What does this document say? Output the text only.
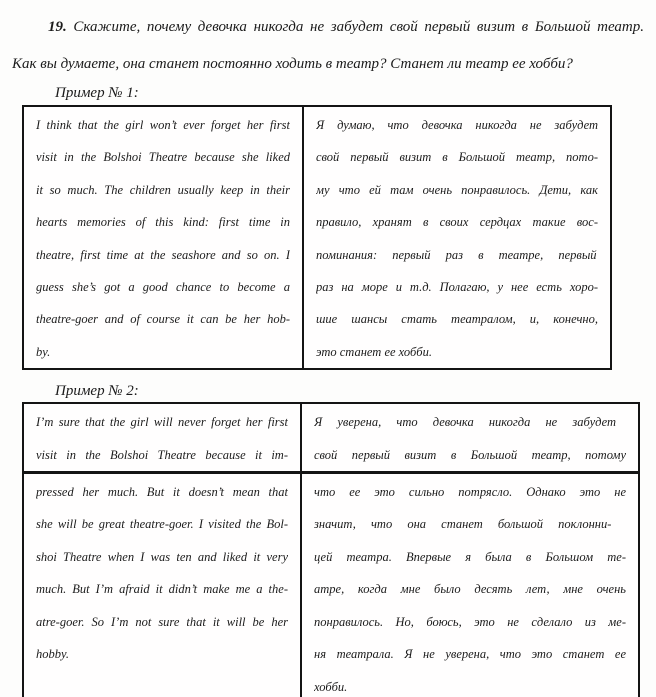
19. Скажите, почему девочка никогда не забудет свой первый визит в Большой театр.
Как вы думаете, она станет постоянно ходить в театр? Станет ли театр ее хобби?
Пример № 1:
I think that the girl won’t ever forget her first
visit in the Bolshoi Theatre because she liked
it so much. The children usually keep in their
hearts memories of this kind: first time in
theatre, first time at the seashore and so on. I
guess she’s got a good chance to become a
theatre-goer and of course it can be her hob-
by.
Я думаю, что девочка никогда не забудет
свой первый визит в Большой театр, пото-
му что ей там очень понравилось. Дети, как
правило, хранят в своих сердцах такие вос-
поминания: первый раз в театре, первый
раз на море и т.д. Полагаю, у нее есть хоро-
шие шансы стать театралом, и, конечно,
это станет ее хобби.
Пример № 2:
I’m sure that the girl will never forget her first
visit in the Bolshoi Theatre because it im-
Я уверена, что девочка никогда не забудет
свой первый визит в Большой театр, потому
pressed her much. But it doesn’t mean that
she will be great theatre-goer. I visited the Bol-
shoi Theatre when I was ten and liked it very
much. But I’m afraid it didn’t make me a the-
atre-goer. So I’m not sure that it will be her
hobby.
что ее это сильно потрясло. Однако это не
значит, что она станет большой поклонни-
цей театра. Впервые я была в Большом те-
атре, когда мне было десять лет, мне очень
понравилось. Но, боюсь, это не сделало из ме-
ня театрала. Я не уверена, что это станет ее
хобби.
